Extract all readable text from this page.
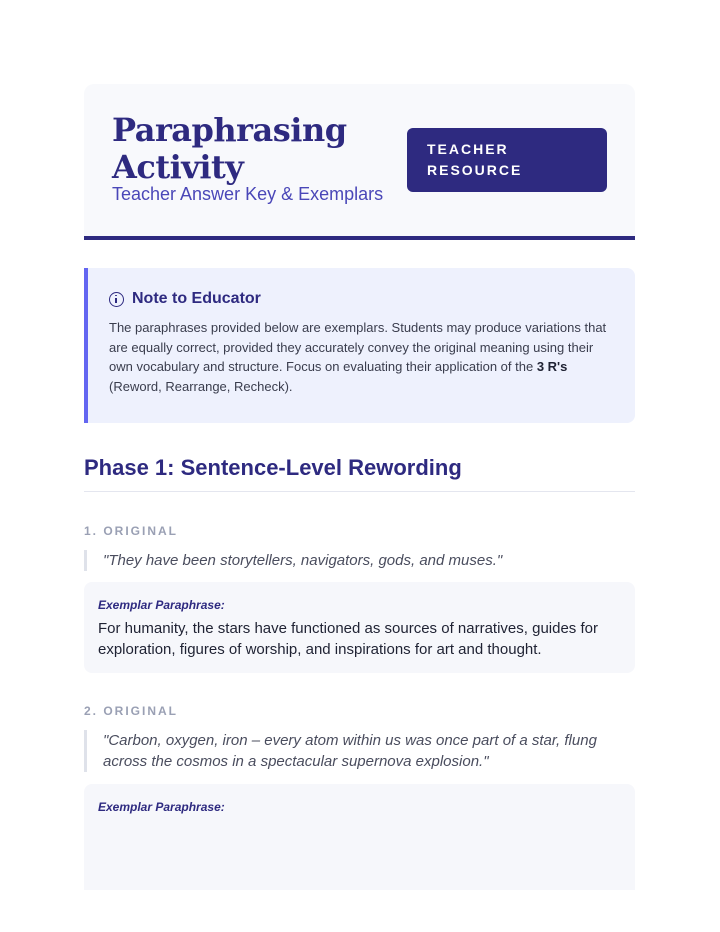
Paraphrasing Activity

Teacher Answer Key & Exemplars

TEACHER RESOURCE
Note to Educator
The paraphrases provided below are exemplars. Students may produce variations that are equally correct, provided they accurately convey the original meaning using their own vocabulary and structure. Focus on evaluating their application of the 3 R's (Reword, Rearrange, Recheck).
Phase 1: Sentence-Level Rewording
1. ORIGINAL
"They have been storytellers, navigators, gods, and muses."
Exemplar Paraphrase:
For humanity, the stars have functioned as sources of narratives, guides for exploration, figures of worship, and inspirations for art and thought.
2. ORIGINAL
"Carbon, oxygen, iron – every atom within us was once part of a star, flung across the cosmos in a spectacular supernova explosion."
Exemplar Paraphrase:
